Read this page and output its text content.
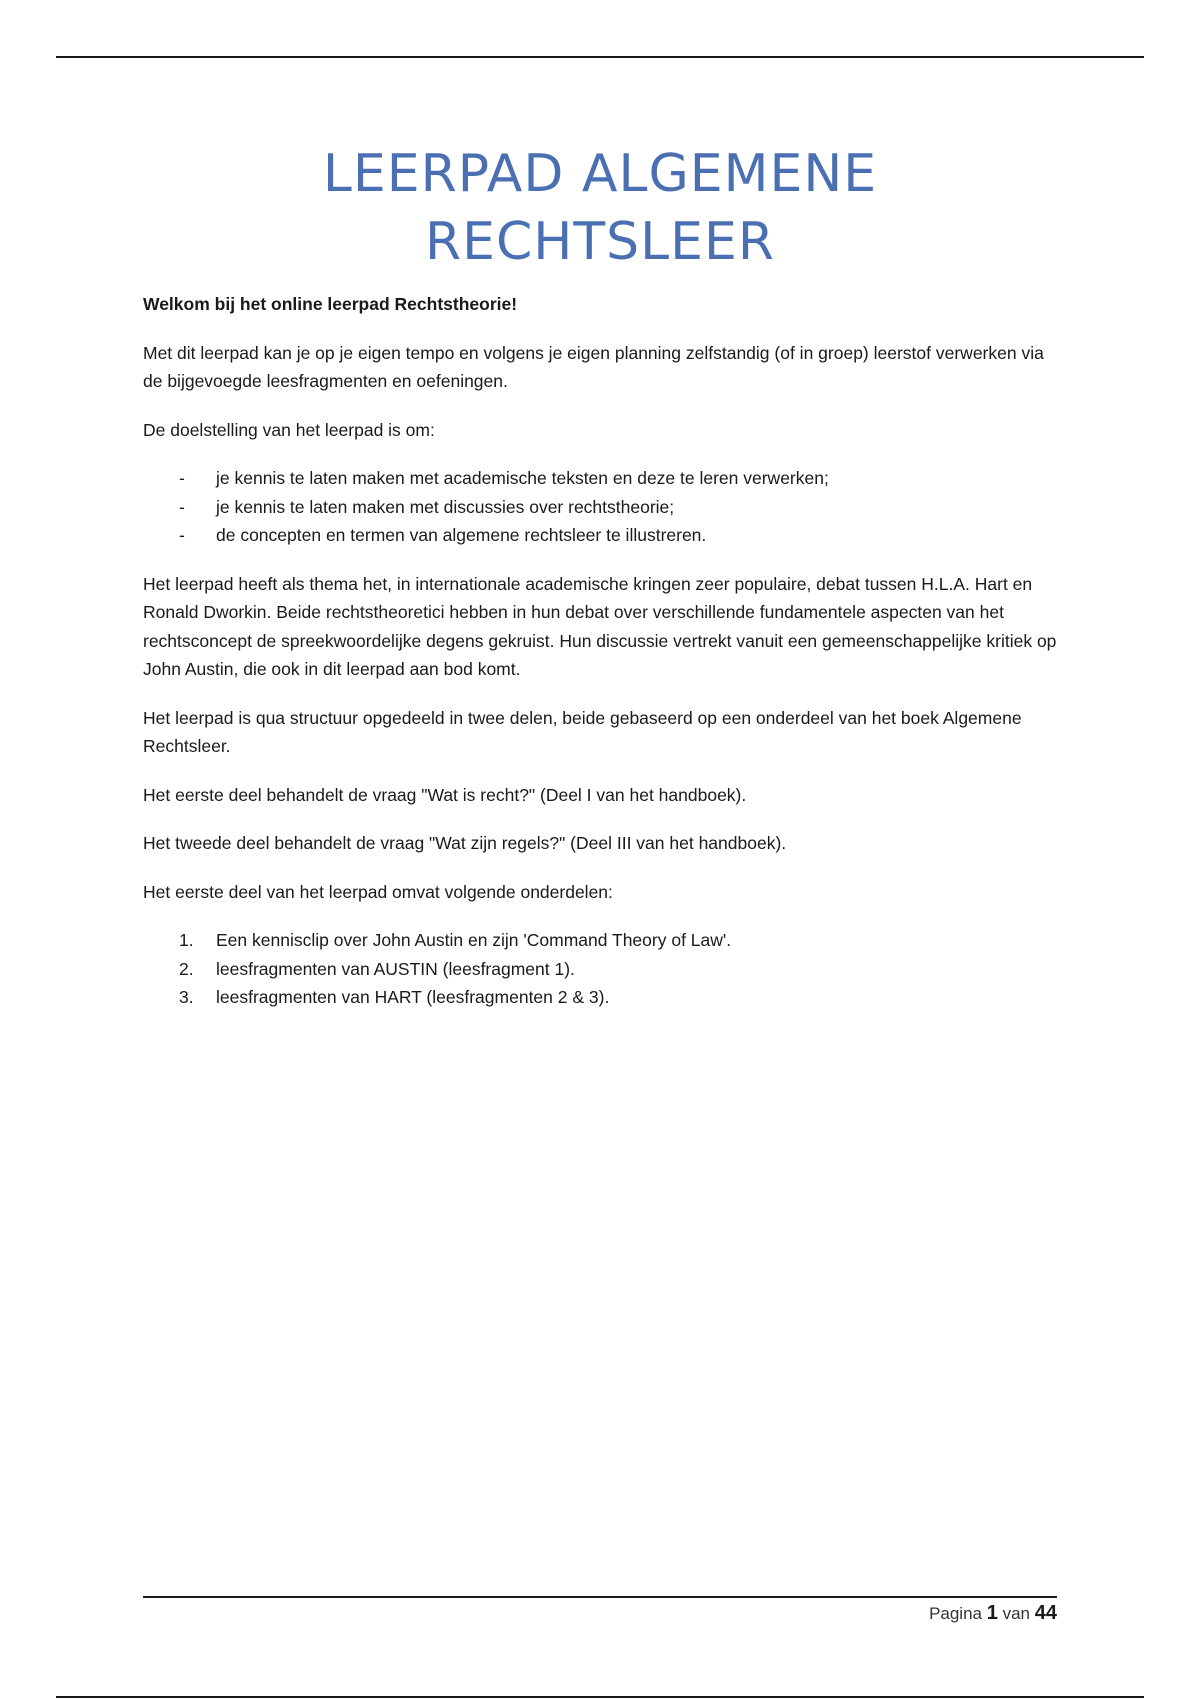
LEERPAD ALGEMENE
RECHTSLEER

Welkom bij het online leerpad Rechtstheorie!

Met dit leerpad kan je op je eigen tempo en volgens je eigen planning zelfstandig (of in groep) leerstof verwerken via de bijgevoegde leesfragmenten en oefeningen.

De doelstelling van het leerpad is om:

-	je kennis te laten maken met academische teksten en deze te leren verwerken;
-	je kennis te laten maken met discussies over rechtstheorie;
-	de concepten en termen van algemene rechtsleer te illustreren.

Het leerpad heeft als thema het, in internationale academische kringen zeer populaire, debat tussen H.L.A. Hart en Ronald Dworkin. Beide rechtstheoretici hebben in hun debat over verschillende fundamentele aspecten van het rechtsconcept de spreekwoordelijke degens gekruist. Hun discussie vertrekt vanuit een gemeenschappelijke kritiek op John Austin, die ook in dit leerpad aan bod komt.

Het leerpad is qua structuur opgedeeld in twee delen, beide gebaseerd op een onderdeel van het boek Algemene Rechtsleer.

Het eerste deel behandelt de vraag "Wat is recht?" (Deel I van het handboek).

Het tweede deel behandelt de vraag "Wat zijn regels?" (Deel III van het handboek).

Het eerste deel van het leerpad omvat volgende onderdelen:

1.	Een kennisclip over John Austin en zijn 'Command Theory of Law'.
2.	leesfragmenten van AUSTIN (leesfragment 1).
3.	leesfragmenten van HART (leesfragmenten 2 & 3).
Pagina 1 van 44
